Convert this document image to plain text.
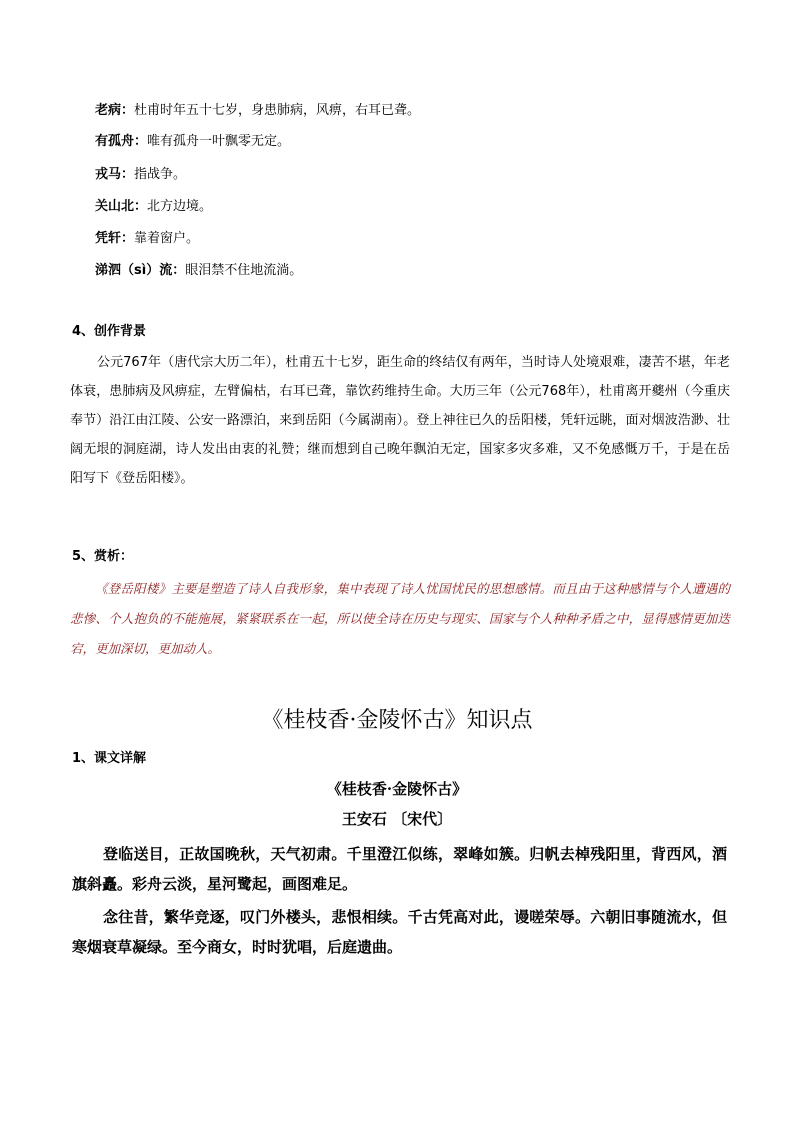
老病：杜甫时年五十七岁，身患肺病，风痹，右耳已聋。

有孤舟：唯有孤舟一叶飘零无定。

戎马：指战争。

关山北：北方边境。

凭轩：靠着窗户。

涕泗（sì）流：眼泪禁不住地流淌。

4、创作背景

公元767年（唐代宗大历二年），杜甫五十七岁，距生命的终结仅有两年，当时诗人处境艰难，凄苦不堪，年老体衰，患肺病及风痹症，左臂偏枯，右耳已聋，靠饮药维持生命。大历三年（公元768年），杜甫离开夔州（今重庆奉节）沿江由江陵、公安一路漂泊，来到岳阳（今属湖南）。登上神往已久的岳阳楼，凭轩远眺，面对烟波浩渺、壮阔无垠的洞庭湖，诗人发出由衷的礼赞；继而想到自己晚年飘泊无定，国家多灾多难，又不免感慨万千，于是在岳阳写下《登岳阳楼》。

5、赏析：

《登岳阳楼》主要是塑造了诗人自我形象，集中表现了诗人忧国忧民的思想感情。而且由于这种感情与个人遭遇的悲惨、个人抱负的不能施展，紧紧联系在一起，所以使全诗在历史与现实、国家与个人种种矛盾之中，显得感情更加迭宕，更加深切，更加动人。

《桂枝香·金陵怀古》知识点

1、课文详解

《桂枝香·金陵怀古》

王安石 〔宋代〕

登临送目，正故国晚秋，天气初肃。千里澄江似练，翠峰如簇。归帆去棹残阳里，背西风，酒旗斜矗。彩舟云淡，星河鹭起，画图难足。

念往昔，繁华竞逐，叹门外楼头，悲恨相续。千古凭高对此，谩嗟荣辱。六朝旧事随流水，但寒烟衰草凝绿。至今商女，时时犹唱，后庭遗曲。
